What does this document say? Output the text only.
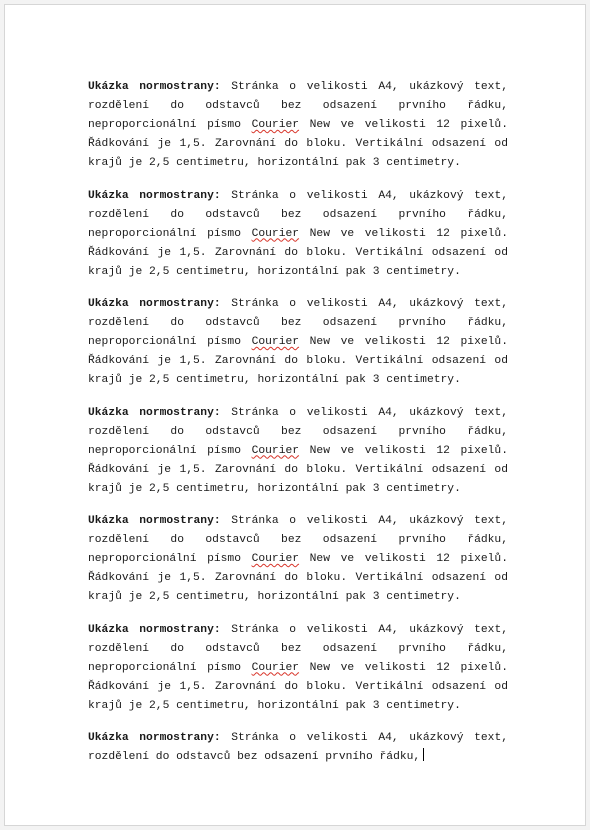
Ukázka normostrany: Stránka o velikosti A4, ukázkový text, rozdělení do odstavců bez odsazení prvního řádku, neproporcionální písmo Courier New ve velikosti 12 pixelů. Řádkování je 1,5. Zarovnání do bloku. Vertikální odsazení od krajů je 2,5 centimetru, horizontální pak 3 centimetry.

Ukázka normostrany: Stránka o velikosti A4, ukázkový text, rozdělení do odstavců bez odsazení prvního řádku, neproporcionální písmo Courier New ve velikosti 12 pixelů. Řádkování je 1,5. Zarovnání do bloku. Vertikální odsazení od krajů je 2,5 centimetru, horizontální pak 3 centimetry.

Ukázka normostrany: Stránka o velikosti A4, ukázkový text, rozdělení do odstavců bez odsazení prvního řádku, neproporcionální písmo Courier New ve velikosti 12 pixelů. Řádkování je 1,5. Zarovnání do bloku. Vertikální odsazení od krajů je 2,5 centimetru, horizontální pak 3 centimetry.

Ukázka normostrany: Stránka o velikosti A4, ukázkový text, rozdělení do odstavců bez odsazení prvního řádku, neproporcionální písmo Courier New ve velikosti 12 pixelů. Řádkování je 1,5. Zarovnání do bloku. Vertikální odsazení od krajů je 2,5 centimetru, horizontální pak 3 centimetry.

Ukázka normostrany: Stránka o velikosti A4, ukázkový text, rozdělení do odstavců bez odsazení prvního řádku, neproporcionální písmo Courier New ve velikosti 12 pixelů. Řádkování je 1,5. Zarovnání do bloku. Vertikální odsazení od krajů je 2,5 centimetru, horizontální pak 3 centimetry.

Ukázka normostrany: Stránka o velikosti A4, ukázkový text, rozdělení do odstavců bez odsazení prvního řádku, neproporcionální písmo Courier New ve velikosti 12 pixelů. Řádkování je 1,5. Zarovnání do bloku. Vertikální odsazení od krajů je 2,5 centimetru, horizontální pak 3 centimetry.

Ukázka normostrany: Stránka o velikosti A4, ukázkový text, rozdělení do odstavců bez odsazení prvního řádku,
